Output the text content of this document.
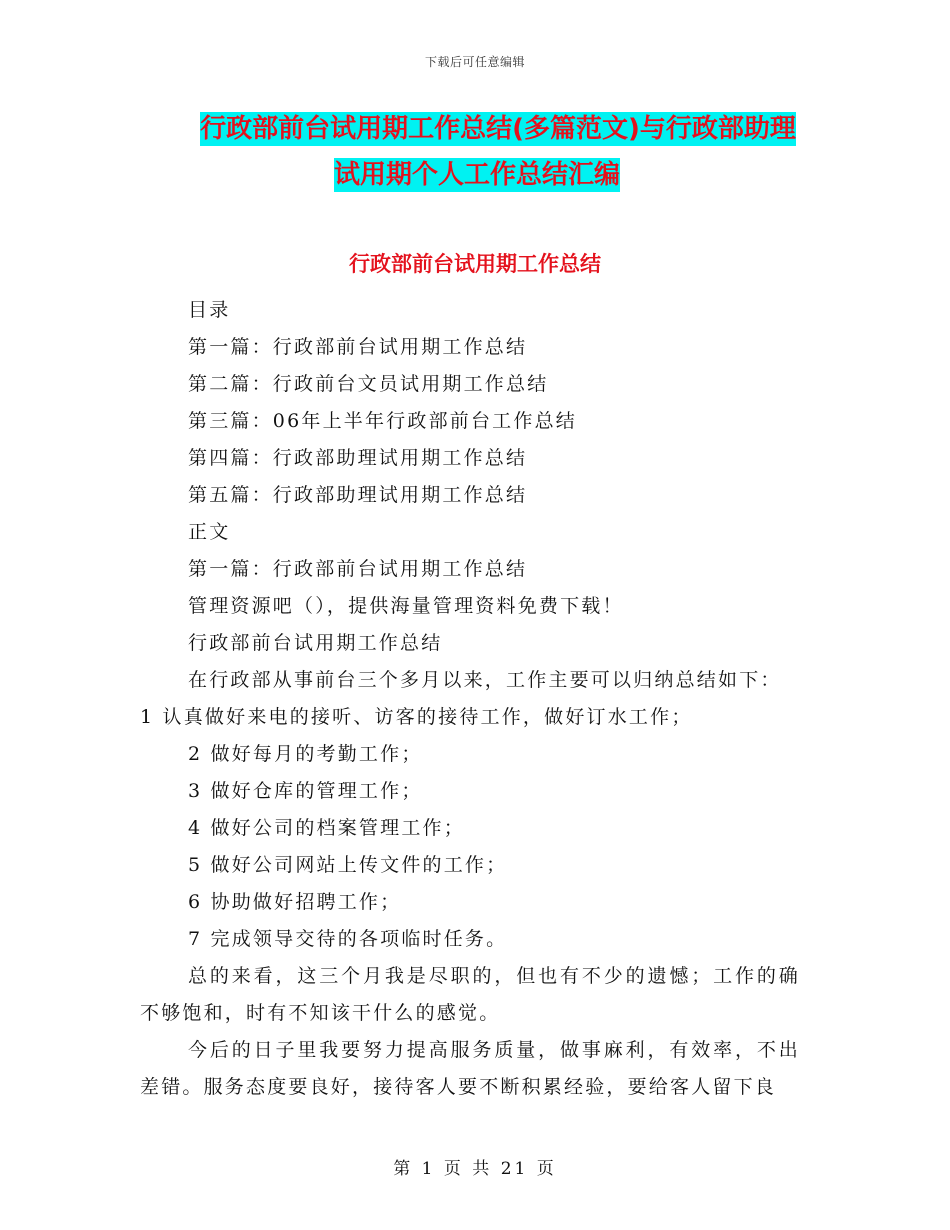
下载后可任意编辑
行政部前台试用期工作总结(多篇范文)与行政部助理
试用期个人工作总结汇编
行政部前台试用期工作总结
目录
第一篇：行政部前台试用期工作总结
第二篇：行政前台文员试用期工作总结
第三篇：06年上半年行政部前台工作总结
第四篇：行政部助理试用期工作总结
第五篇：行政部助理试用期工作总结
正文
第一篇：行政部前台试用期工作总结
管理资源吧（），提供海量管理资料免费下载！
行政部前台试用期工作总结
在行政部从事前台三个多月以来，工作主要可以归纳总结如下：
1 认真做好来电的接听、访客的接待工作，做好订水工作；
2 做好每月的考勤工作；
3 做好仓库的管理工作；
4 做好公司的档案管理工作；
5 做好公司网站上传文件的工作；
6 协助做好招聘工作；
7 完成领导交待的各项临时任务。
总的来看，这三个月我是尽职的，但也有不少的遗憾；工作的确不够饱和，时有不知该干什么的感觉。
今后的日子里我要努力提高服务质量，做事麻利，有效率，不出差错。服务态度要良好，接待客人要不断积累经验，要给客人留下良
第 1 页 共 21 页
